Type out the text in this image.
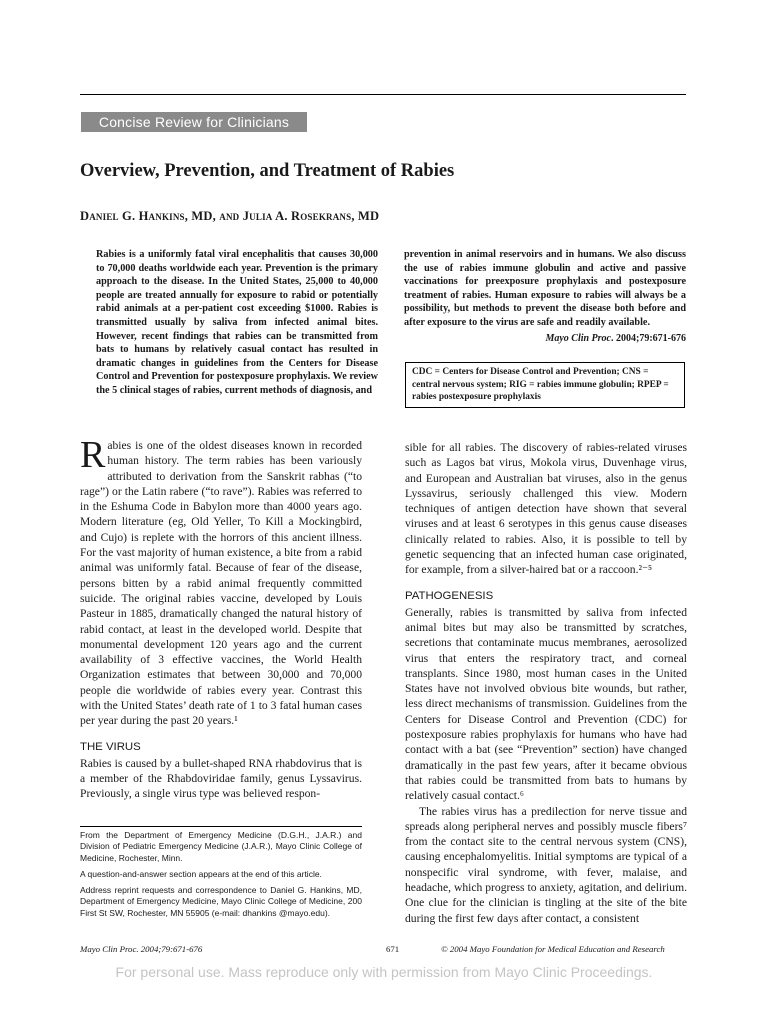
Concise Review for Clinicians
Overview, Prevention, and Treatment of Rabies
Daniel G. Hankins, MD, and Julia A. Rosekrans, MD

Rabies is a uniformly fatal viral encephalitis that causes 30,000 to 70,000 deaths worldwide each year. Prevention is the primary approach to the disease. In the United States, 25,000 to 40,000 people are treated annually for exposure to rabid or potentially rabid animals at a per-patient cost exceeding $1000. Rabies is transmitted usually by saliva from infected animal bites. However, recent findings that rabies can be transmitted from bats to humans by relatively casual contact has resulted in dramatic changes in guidelines from the Centers for Disease Control and Prevention for postexposure prophylaxis. We review the 5 clinical stages of rabies, current methods of diagnosis, and

prevention in animal reservoirs and in humans. We also discuss the use of rabies immune globulin and active and passive vaccinations for preexposure prophylaxis and postexposure treatment of rabies. Human exposure to rabies will always be a possibility, but methods to prevent the disease both before and after exposure to the virus are safe and readily available.

Mayo Clin Proc. 2004;79:671-676
CDC = Centers for Disease Control and Prevention; CNS = central nervous system; RIG = rabies immune globulin; RPEP = rabies postexposure prophylaxis

Rabies is one of the oldest diseases known in recorded human history. The term rabies has been variously attributed to derivation from the Sanskrit rabhas (“to rage”) or the Latin rabere (“to rave”). Rabies was referred to in the Eshuma Code in Babylon more than 4000 years ago. Modern literature (eg, Old Yeller, To Kill a Mockingbird, and Cujo) is replete with the horrors of this ancient illness. For the vast majority of human existence, a bite from a rabid animal was uniformly fatal. Because of fear of the disease, persons bitten by a rabid animal frequently committed suicide. The original rabies vaccine, developed by Louis Pasteur in 1885, dramatically changed the natural history of rabid contact, at least in the developed world. Despite that monumental development 120 years ago and the current availability of 3 effective vaccines, the World Health Organization estimates that between 30,000 and 70,000 people die worldwide of rabies every year. Contrast this with the United States’ death rate of 1 to 3 fatal human cases per year during the past 20 years.¹

THE VIRUS

Rabies is caused by a bullet-shaped RNA rhabdovirus that is a member of the Rhabdoviridae family, genus Lyssavirus. Previously, a single virus type was believed respon-

sible for all rabies. The discovery of rabies-related viruses such as Lagos bat virus, Mokola virus, Duvenhage virus, and European and Australian bat viruses, also in the genus Lyssavirus, seriously challenged this view. Modern techniques of antigen detection have shown that several viruses and at least 6 serotypes in this genus cause diseases clinically related to rabies. Also, it is possible to tell by genetic sequencing that an infected human case originated, for example, from a silver-haired bat or a raccoon.²⁻⁵

PATHOGENESIS

Generally, rabies is transmitted by saliva from infected animal bites but may also be transmitted by scratches, secretions that contaminate mucus membranes, aerosolized virus that enters the respiratory tract, and corneal transplants. Since 1980, most human cases in the United States have not involved obvious bite wounds, but rather, less direct mechanisms of transmission. Guidelines from the Centers for Disease Control and Prevention (CDC) for postexposure rabies prophylaxis for humans who have had contact with a bat (see “Prevention” section) have changed dramatically in the past few years, after it became obvious that rabies could be transmitted from bats to humans by relatively casual contact.⁶

The rabies virus has a predilection for nerve tissue and spreads along peripheral nerves and possibly muscle fibers⁷ from the contact site to the central nervous system (CNS), causing encephalomyelitis. Initial symptoms are typical of a nonspecific viral syndrome, with fever, malaise, and headache, which progress to anxiety, agitation, and delirium. One clue for the clinician is tingling at the site of the bite during the first few days after contact, a consistent

From the Department of Emergency Medicine (D.G.H., J.A.R.) and Division of Pediatric Emergency Medicine (J.A.R.), Mayo Clinic College of Medicine, Rochester, Minn.

A question-and-answer section appears at the end of this article.

Address reprint requests and correspondence to Daniel G. Hankins, MD, Department of Emergency Medicine, Mayo Clinic College of Medicine, 200 First St SW, Rochester, MN 55905 (e-mail: dhankins @mayo.edu).

Mayo Clin Proc. 2004;79:671-676	671	© 2004 Mayo Foundation for Medical Education and Research
For personal use. Mass reproduce only with permission from Mayo Clinic Proceedings.
